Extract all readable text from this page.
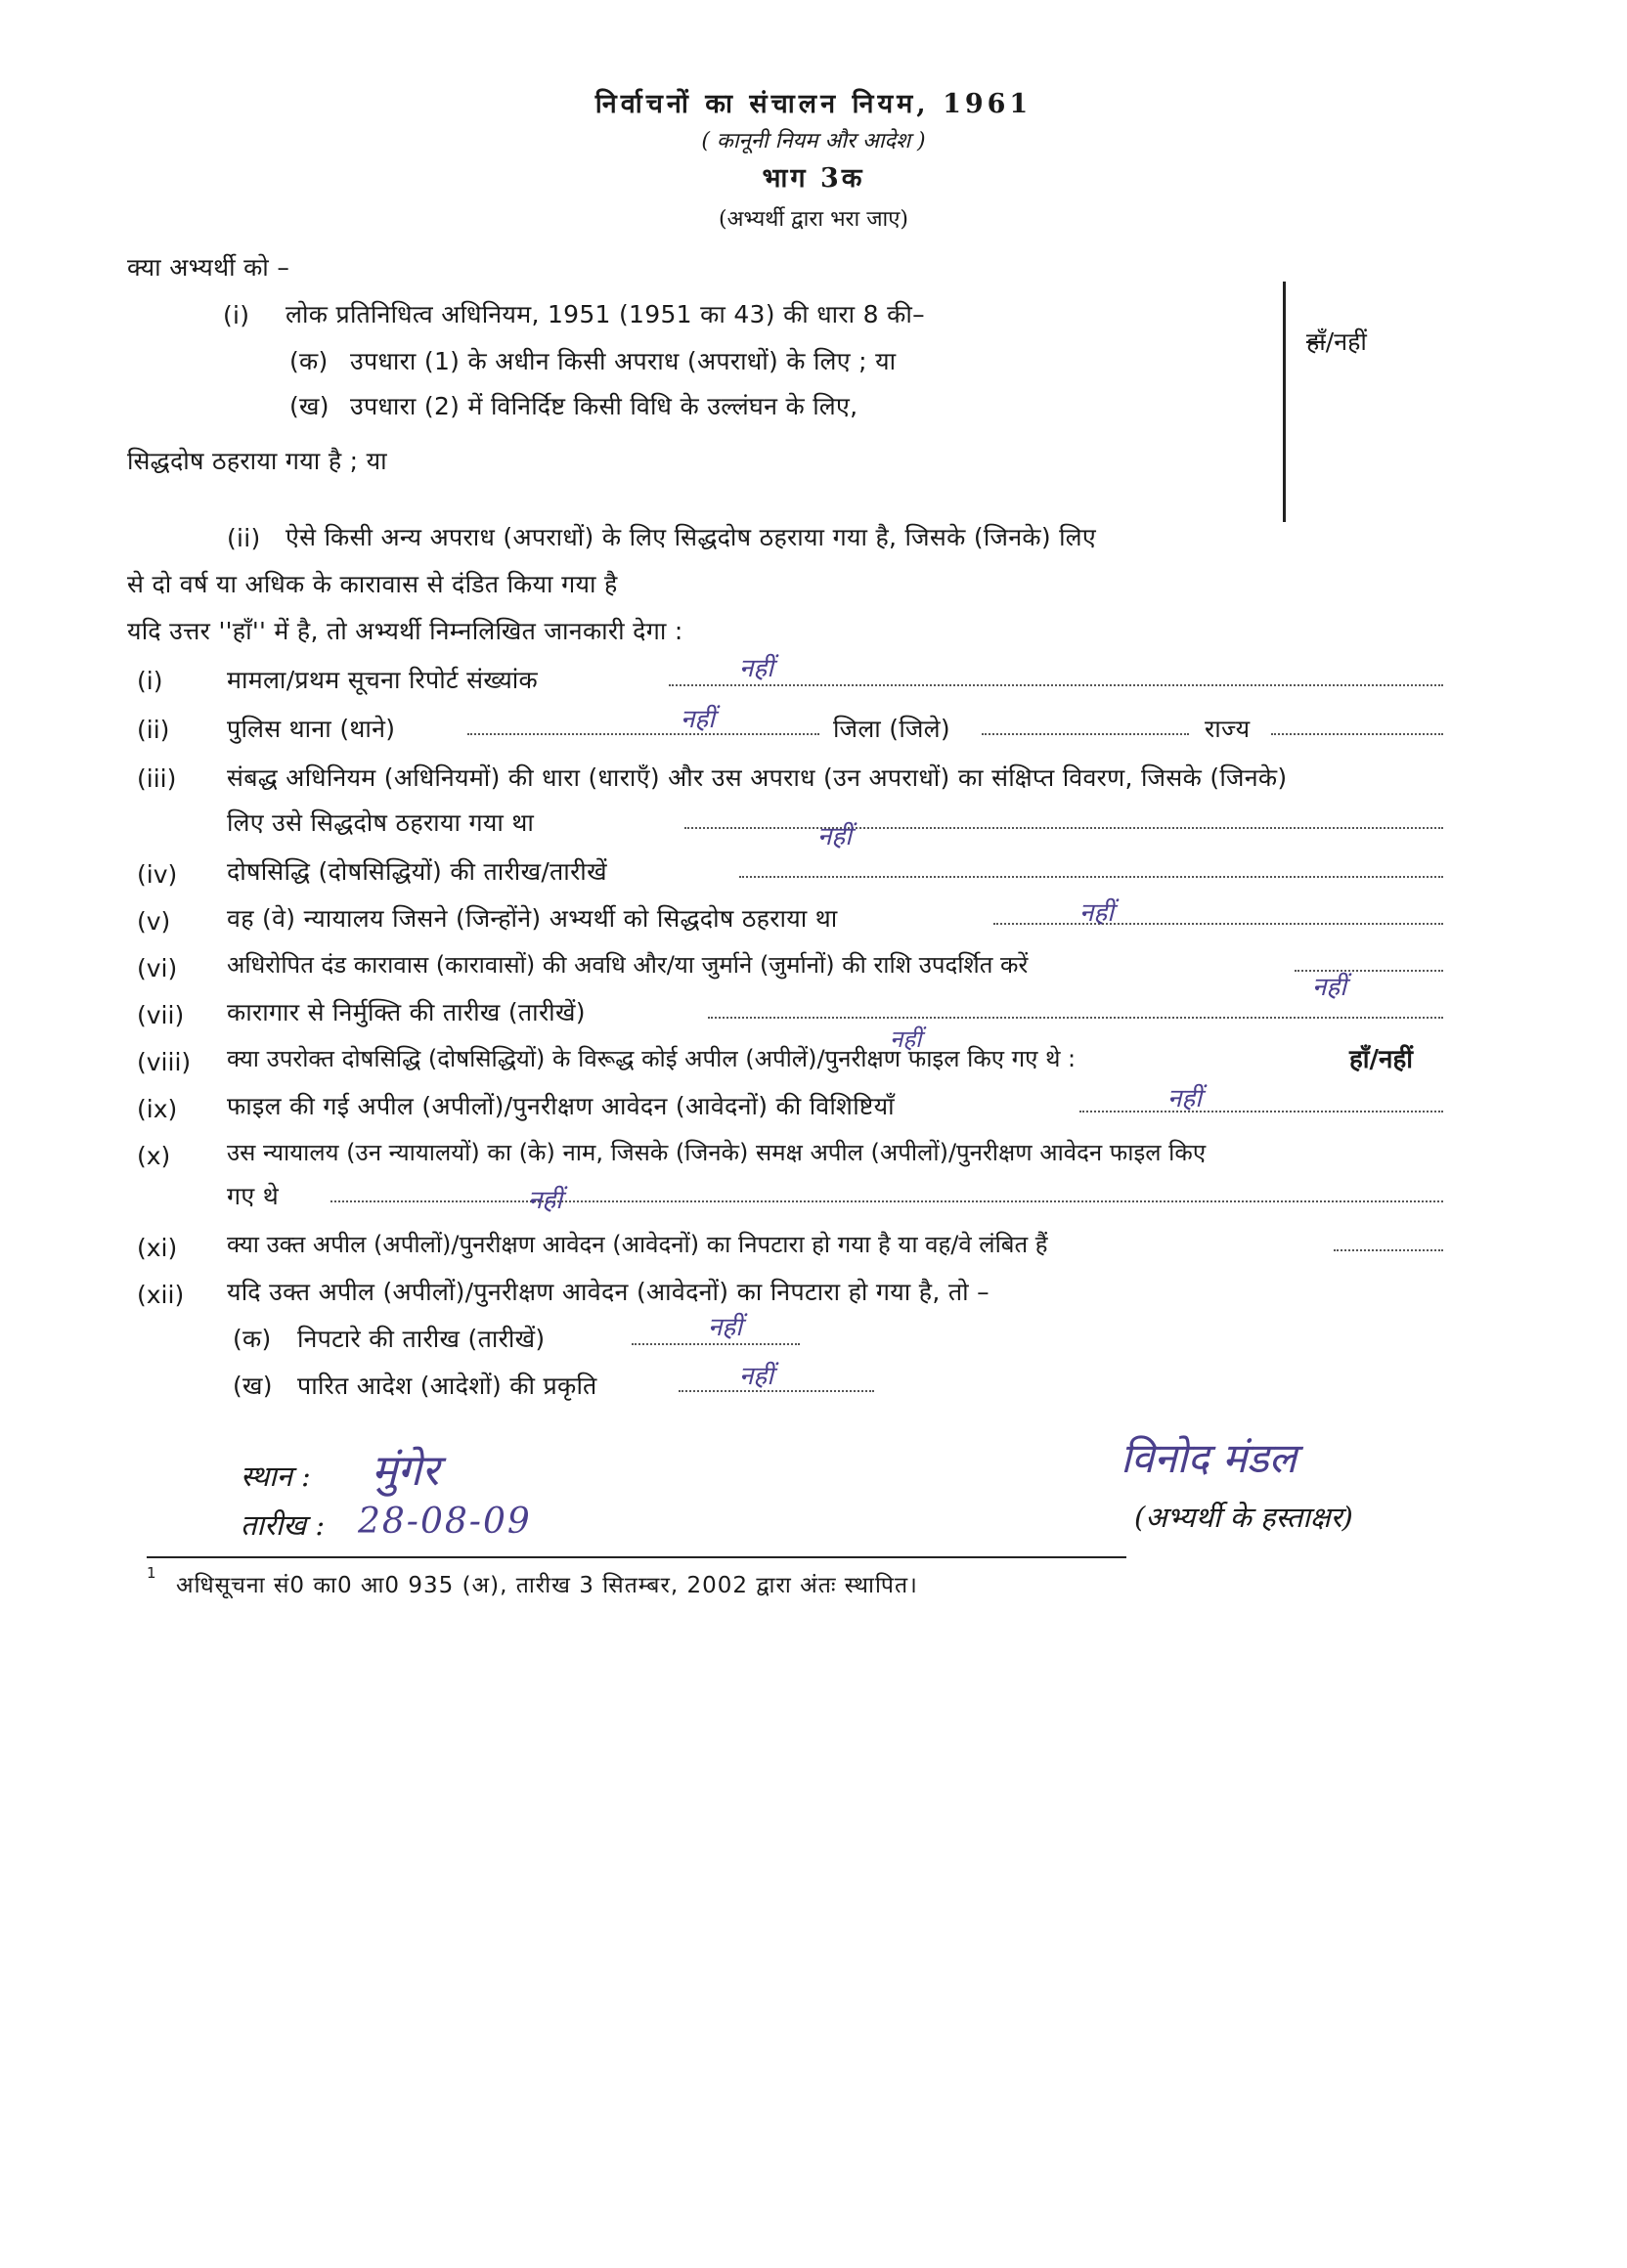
निर्वाचनों का संचालन नियम, 1961
( कानूनी नियम और आदेश )
भाग 3क
(अभ्यर्थी द्वारा भरा जाए)
क्या अभ्यर्थी को –
(i) लोक प्रतिनिधित्व अधिनियम, 1951 (1951 का 43) की धारा 8 की–
(क) उपधारा (1) के अधीन किसी अपराध (अपराधों) के लिए ; या
(ख) उपधारा (2) में विनिर्दिष्ट किसी विधि के उल्लंघन के लिए,
सिद्धदोष ठहराया गया है ; या
हाँ/नहीं
(ii) ऐसे किसी अन्य अपराध (अपराधों) के लिए सिद्धदोष ठहराया गया है, जिसके (जिनके) लिए
से दो वर्ष या अधिक के कारावास से दंडित किया गया है
यदि उत्तर ''हाँ'' में है, तो अभ्यर्थी निम्नलिखित जानकारी देगा :
(i)	मामला/प्रथम सूचना रिपोर्ट संख्यांक	नहीं
(ii) पुलिस थाना (थाने)	नहीं	जिला (जिले)	राज्य
(iii) संबद्ध अधिनियम (अधिनियमों) की धारा (धाराएँ) और उस अपराध (उन अपराधों) का संक्षिप्त विवरण, जिसके (जिनके)
लिए उसे सिद्धदोष ठहराया गया था	नहीं
(iv) दोषसिद्धि (दोषसिद्धियों) की तारीख/तारीखें
(v) वह (वे) न्यायालय जिसने (जिन्होंने) अभ्यर्थी को सिद्धदोष ठहराया था	नहीं
(vi) अधिरोपित दंड कारावास (कारावासों) की अवधि और/या जुर्माने (जुर्मानों) की राशि उपदर्शित करें
नहीं
(vii) कारागार से निर्मुक्ति की तारीख (तारीखें)
(viii) क्या उपरोक्त दोषसिद्धि (दोषसिद्धियों) के विरूद्ध कोई अपील (अपीलें)/पुनरीक्षण फाइल किए गए थे :	हाँ/नहीं
नहीं
(ix) फाइल की गई अपील (अपीलों)/पुनरीक्षण आवेदन (आवेदनों) की विशिष्टियाँ	नहीं
(x) उस न्यायालय (उन न्यायालयों) का (के) नाम, जिसके (जिनके) समक्ष अपील (अपीलों)/पुनरीक्षण आवेदन फाइल किए
गए थे	नहीं
(xi) क्या उक्त अपील (अपीलों)/पुनरीक्षण आवेदन (आवेदनों) का निपटारा हो गया है या वह/वे लंबित हैं
(xii) यदि उक्त अपील (अपीलों)/पुनरीक्षण आवेदन (आवेदनों) का निपटारा हो गया है, तो –
(क) निपटारे की तारीख (तारीखें)	नहीं
(ख) पारित आदेश (आदेशों) की प्रकृति	नहीं
स्थान : मुंगेर
तारीख : 28-08-09
विनोद मंडल
(अभ्यर्थी के हस्ताक्षर)
1 अधिसूचना सं0 का0 आ0 935 (अ), तारीख 3 सितम्बर, 2002 द्वारा अंतः स्थापित।
